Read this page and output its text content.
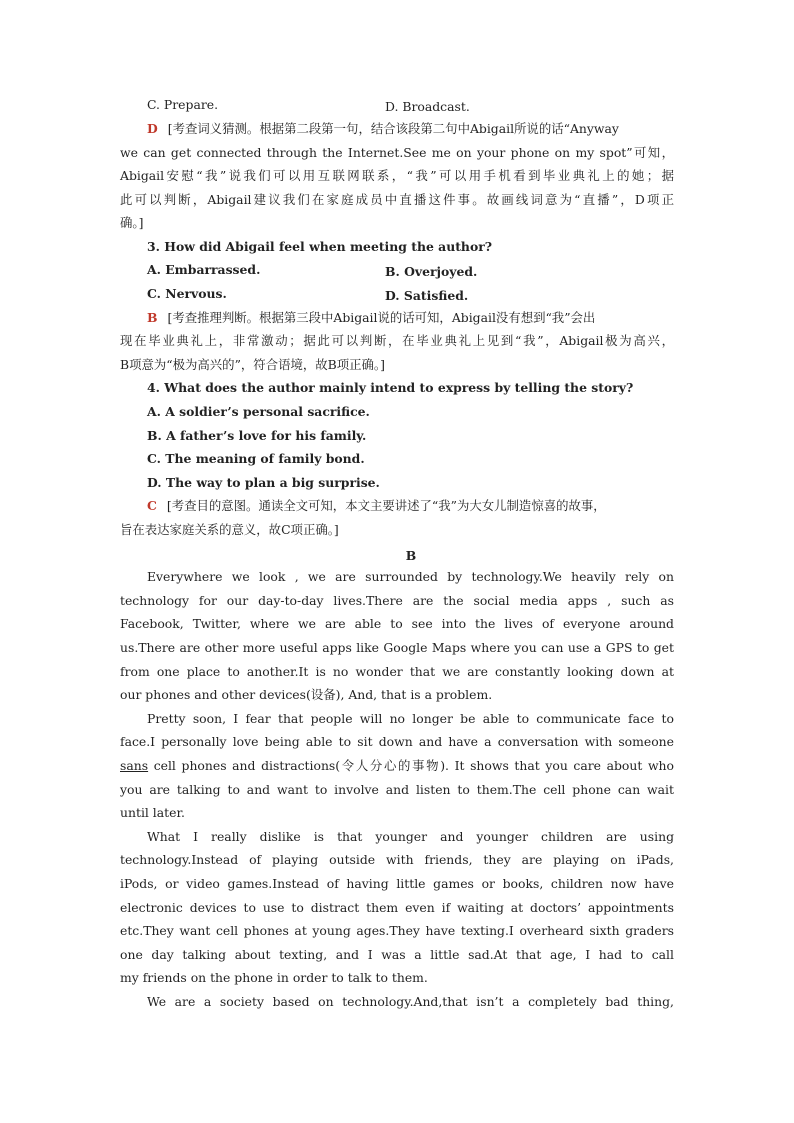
C. Prepare.	D. Broadcast.
D [考查词义猜测。根据第二段第一句，结合该段第二句中Abigail所说的话“Anyway
we can get connected through the Internet.See me on your phone on my spot”可知，
Abigail安慰“我”说我们可以用互联网联系，“我”可以用手机看到毕业典礼上的她；据
此可以判断，Abigail建议我们在家庭成员中直播这件事。故画线词意为“直播”，D项正
确。]
3. How did Abigail feel when meeting the author?
A. Embarrassed.	B. Overjoyed.
C. Nervous.	D. Satisfied.
B [考查推理判断。根据第三段中Abigail说的话可知，Abigail没有想到“我”会出
现在毕业典礼上，非常激动；据此可以判断，在毕业典礼上见到“我”，Abigail极为高兴，
B项意为“极为高兴的”，符合语境，故B项正确。]
4. What does the author mainly intend to express by telling the story?
A. A soldier’s personal sacrifice.
B. A father’s love for his family.
C. The meaning of family bond.
D. The way to plan a big surprise.
C [考查目的意图。通读全文可知，本文主要讲述了“我”为大女儿制造惊喜的故事，
旨在表达家庭关系的意义，故C项正确。]
B
Everywhere we look , we are surrounded by technology.We heavily rely on
technology for our day-to-day lives.There are the social media apps , such as
Facebook, Twitter, where we are able to see into the lives of everyone around
us.There are other more useful apps like Google Maps where you can use a GPS to get
from one place to another.It is no wonder that we are constantly looking down at
our phones and other devices(设备), And, that is a problem.
Pretty soon, I fear that people will no longer be able to communicate face to
face.I personally love being able to sit down and have a conversation with someone
sans cell phones and distractions(令人分心的事物). It shows that you care about who
you are talking to and want to involve and listen to them.The cell phone can wait
until later.
What I really dislike is that younger and younger children are using
technology.Instead of playing outside with friends, they are playing on iPads,
iPods, or video games.Instead of having little games or books, children now have
electronic devices to use to distract them even if waiting at doctors’ appointments
etc.They want cell phones at young ages.They have texting.I overheard sixth graders
one day talking about texting, and I was a little sad.At that age, I had to call
my friends on the phone in order to talk to them.
We are a society based on technology.And,that isn’t a completely bad thing,
